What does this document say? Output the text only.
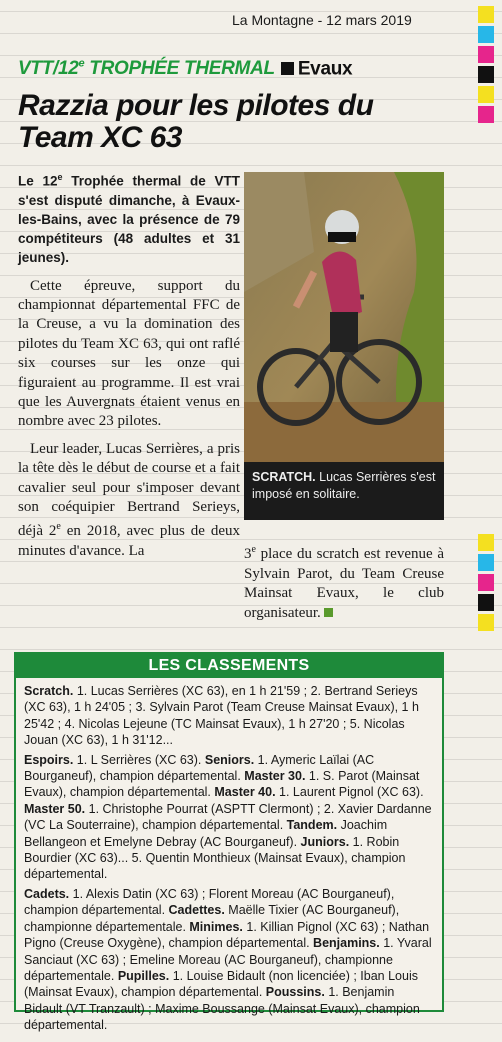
La Montagne - 12 mars 2019
VTT/12e TROPHÉE THERMAL Evaux
Razzia pour les pilotes du Team XC 63

Le 12e Trophée thermal de VTT s'est disputé dimanche, à Evaux-les-Bains, avec la présence de 79 compétiteurs (48 adultes et 31 jeunes).

Cette épreuve, support du championnat départemental FFC de la Creuse, a vu la domination des pilotes du Team XC 63, qui ont raflé six courses sur les onze qui figuraient au programme. Il est vrai que les Auvergnats étaient venus en nombre avec 23 pilotes.

Leur leader, Lucas Serrières, a pris la tête dès le début de course et a fait cavalier seul pour s'imposer devant son coéquipier Bertrand Serieys, déjà 2e en 2018, avec plus de deux minutes d'avance. La

SCRATCH. Lucas Serrières s'est imposé en solitaire.
3e place du scratch est revenue à Sylvain Parot, du Team Creuse Mainsat Evaux, le club organisateur.
LES CLASSEMENTS

Scratch. 1. Lucas Serrières (XC 63), en 1 h 21'59 ; 2. Bertrand Serieys (XC 63), 1 h 24'05 ; 3. Sylvain Parot (Team Creuse Mainsat Evaux), 1 h 25'42 ; 4. Nicolas Lejeune (TC Mainsat Evaux), 1 h 27'20 ; 5. Nicolas Jouan (XC 63), 1 h 31'12...

Espoirs. 1. L Serrières (XC 63). Seniors. 1. Aymeric Laïlai (AC Bourganeuf), champion départemental. Master 30. 1. S. Parot (Mainsat Evaux), champion départemental. Master 40. 1. Laurent Pignol (XC 63). Master 50. 1. Christophe Pourrat (ASPTT Clermont) ; 2. Xavier Dardanne (VC La Souterraine), champion départemental. Tandem. Joachim Bellangeon et Emelyne Debray (AC Bourganeuf). Juniors. 1. Robin Bourdier (XC 63)... 5. Quentin Monthieux (Mainsat Evaux), champion départemental.

Cadets. 1. Alexis Datin (XC 63) ; Florent Moreau (AC Bourganeuf), champion départemental. Cadettes. Maëlle Tixier (AC Bourganeuf), championne départementale. Minimes. 1. Killian Pignol (XC 63) ; Nathan Pigno (Creuse Oxygène), champion départemental. Benjamins. 1. Yvaral Sanciaut (XC 63) ; Emeline Moreau (AC Bourganeuf), championne départementale. Pupilles. 1. Louise Bidault (non licenciée) ; Iban Louis (Mainsat Evaux), champion départemental. Poussins. 1. Benjamin Bidault (VT Tranzault) ; Maxime Boussange (Mainsat Evaux), champion départemental.
